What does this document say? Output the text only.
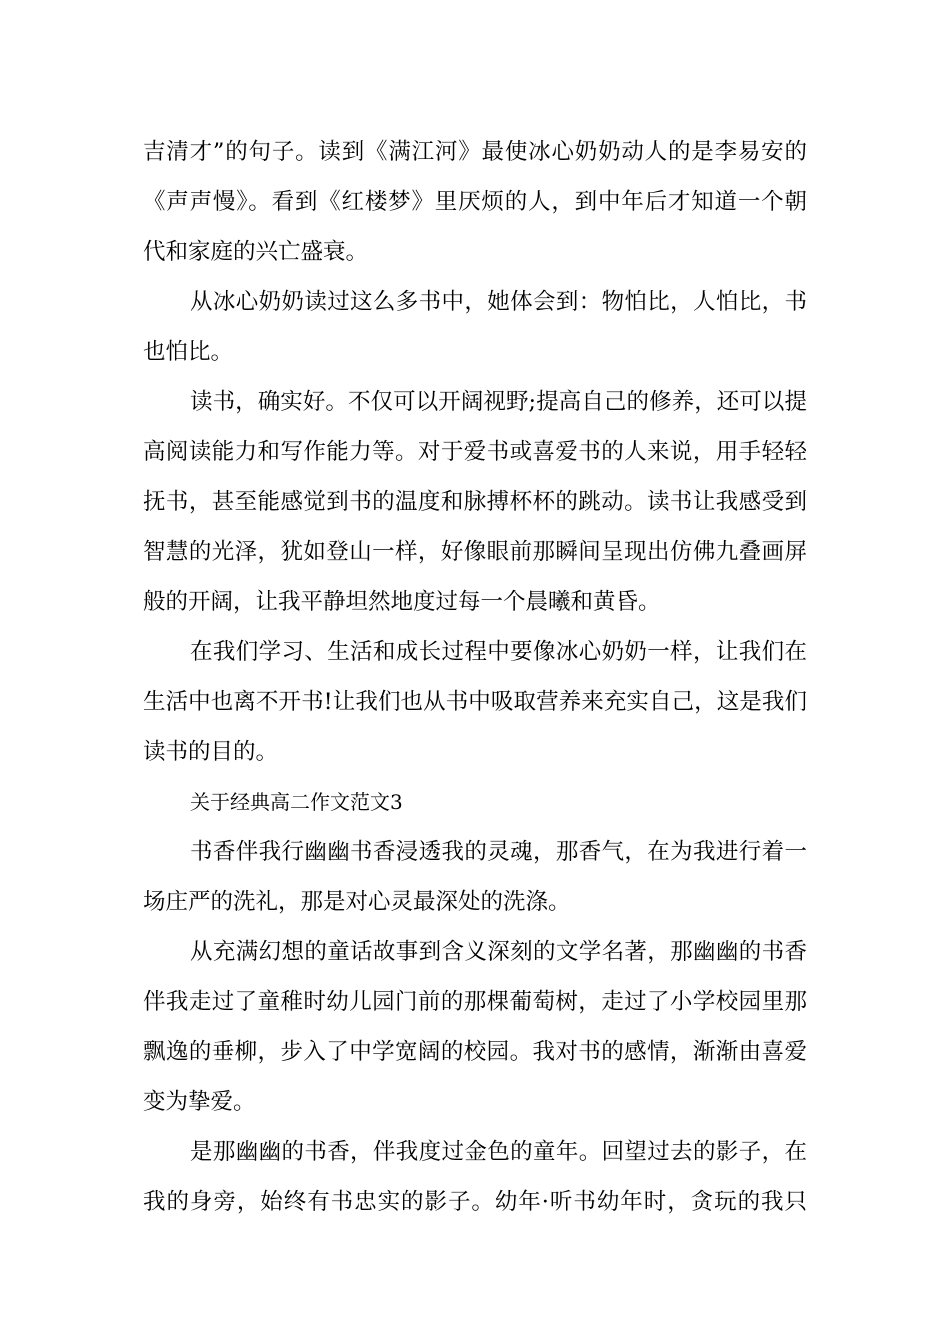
吉清才”的句子。读到《满江河》最使冰心奶奶动人的是李易安的
《声声慢》。看到《红楼梦》里厌烦的人，到中年后才知道一个朝
代和家庭的兴亡盛衰。
从冰心奶奶读过这么多书中，她体会到：物怕比，人怕比，书
也怕比。
读书，确实好。不仅可以开阔视野;提高自己的修养，还可以提
高阅读能力和写作能力等。对于爱书或喜爱书的人来说，用手轻轻
抚书，甚至能感觉到书的温度和脉搏杯杯的跳动。读书让我感受到
智慧的光泽，犹如登山一样，好像眼前那瞬间呈现出仿佛九叠画屏
般的开阔，让我平静坦然地度过每一个晨曦和黄昏。
在我们学习、生活和成长过程中要像冰心奶奶一样，让我们在
生活中也离不开书!让我们也从书中吸取营养来充实自己，这是我们
读书的目的。
关于经典高二作文范文3
书香伴我行幽幽书香浸透我的灵魂，那香气，在为我进行着一
场庄严的洗礼，那是对心灵最深处的洗涤。
从充满幻想的童话故事到含义深刻的文学名著，那幽幽的书香
伴我走过了童稚时幼儿园门前的那棵葡萄树，走过了小学校园里那
飘逸的垂柳，步入了中学宽阔的校园。我对书的感情，渐渐由喜爱
变为挚爱。
是那幽幽的书香，伴我度过金色的童年。回望过去的影子，在
我的身旁，始终有书忠实的影子。幼年·听书幼年时，贪玩的我只
